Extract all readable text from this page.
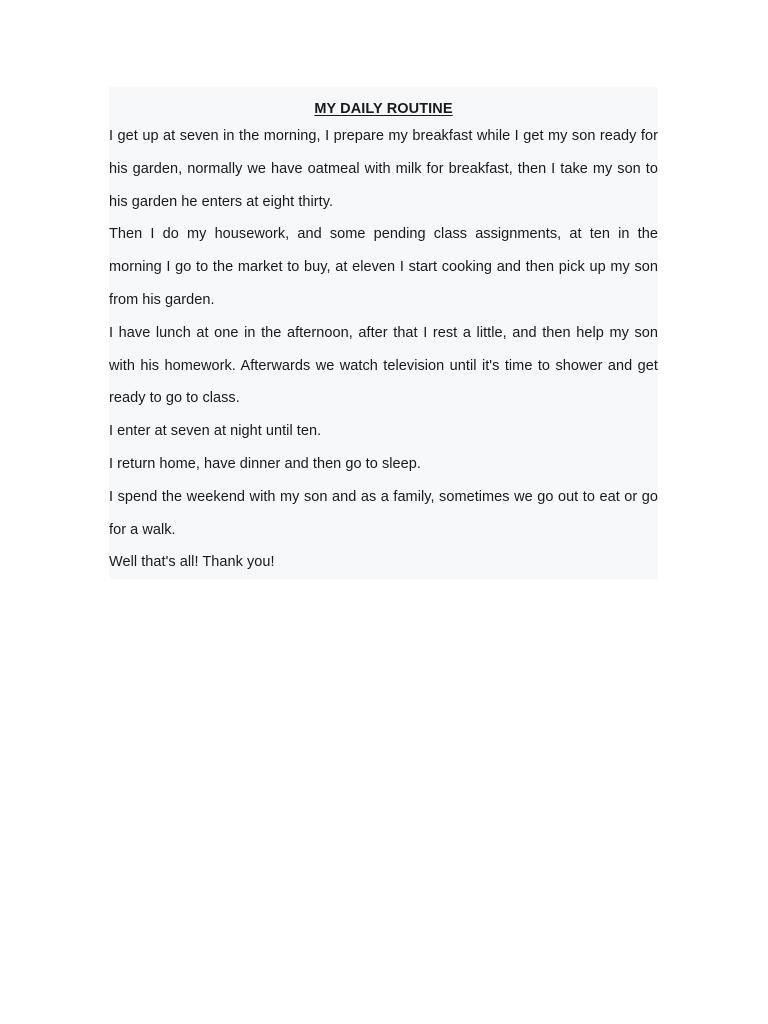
MY DAILY ROUTINE

I get up at seven in the morning, I prepare my breakfast while I get my son ready for his garden, normally we have oatmeal with milk for breakfast, then I take my son to his garden he enters at eight thirty.

Then I do my housework, and some pending class assignments, at ten in the morning I go to the market to buy, at eleven I start cooking and then pick up my son from his garden.

I have lunch at one in the afternoon, after that I rest a little, and then help my son with his homework. Afterwards we watch television until it's time to shower and get ready to go to class.

I enter at seven at night until ten.

I return home, have dinner and then go to sleep.

I spend the weekend with my son and as a family, sometimes we go out to eat or go for a walk.

Well that's all! Thank you!
